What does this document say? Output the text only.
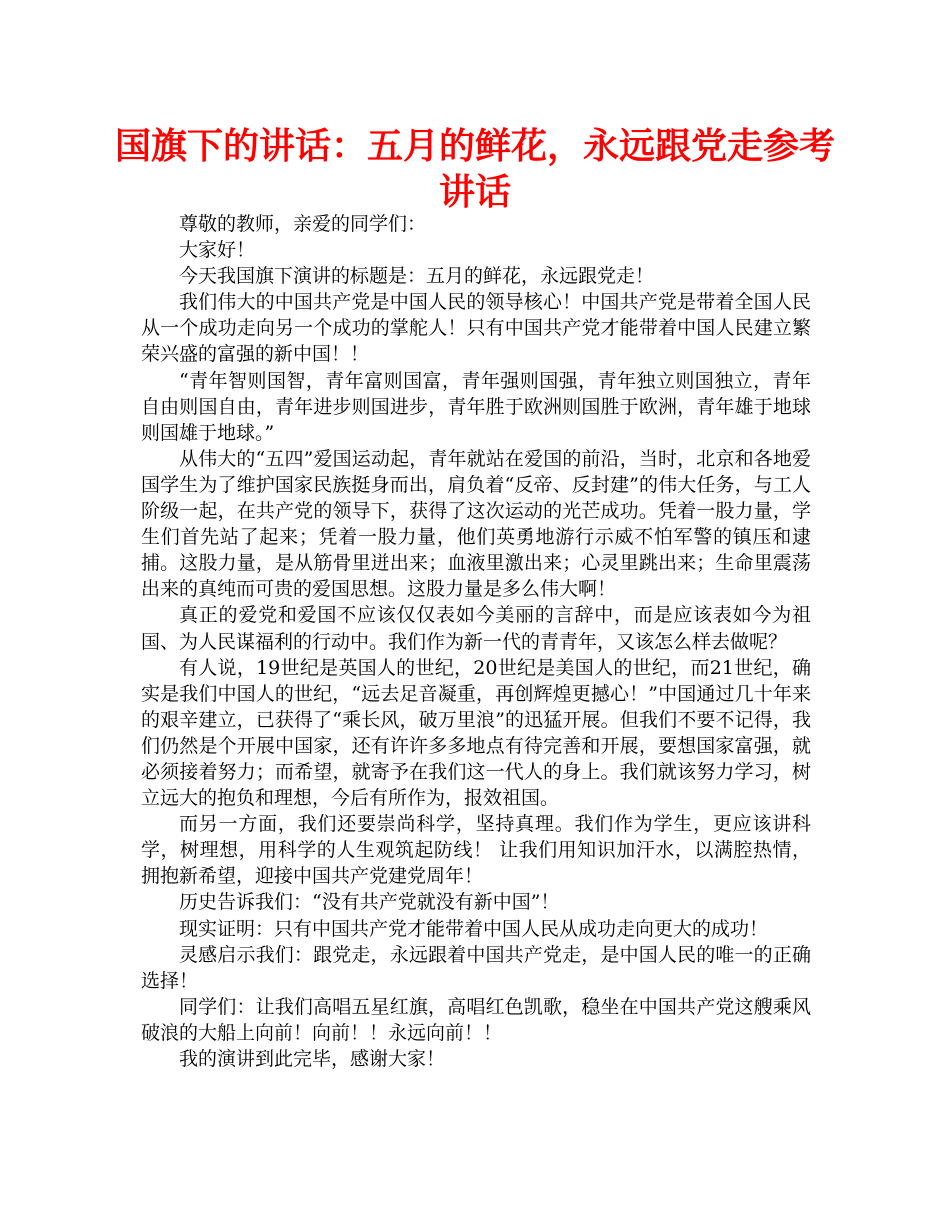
国旗下的讲话：五月的鲜花，永远跟党走参考讲话

尊敬的教师，亲爱的同学们：

大家好！

今天我国旗下演讲的标题是：五月的鲜花，永远跟党走！

我们伟大的中国共产党是中国人民的领导核心！中国共产党是带着全国人民从一个成功走向另一个成功的掌舵人！只有中国共产党才能带着中国人民建立繁荣兴盛的富强的新中国！！

“青年智则国智，青年富则国富，青年强则国强，青年独立则国独立，青年自由则国自由，青年进步则国进步，青年胜于欧洲则国胜于欧洲，青年雄于地球则国雄于地球。”

从伟大的“五四”爱国运动起，青年就站在爱国的前沿，当时，北京和各地爱国学生为了维护国家民族挺身而出，肩负着“反帝、反封建”的伟大任务，与工人阶级一起，在共产党的领导下，获得了这次运动的光芒成功。凭着一股力量，学生们首先站了起来；凭着一股力量，他们英勇地游行示威不怕军警的镇压和逮捕。这股力量，是从筋骨里迸出来；血液里激出来；心灵里跳出来；生命里震荡出来的真纯而可贵的爱国思想。这股力量是多么伟大啊！

真正的爱党和爱国不应该仅仅表如今美丽的言辞中，而是应该表如今为祖国、为人民谋福利的行动中。我们作为新一代的青青年，又该怎么样去做呢？

有人说，19世纪是英国人的世纪，20世纪是美国人的世纪，而21世纪，确实是我们中国人的世纪，“远去足音凝重，再创辉煌更撼心！”中国通过几十年来的艰辛建立，已获得了“乘长风，破万里浪”的迅猛开展。但我们不要不记得，我们仍然是个开展中国家，还有许许多多地点有待完善和开展，要想国家富强，就必须接着努力；而希望，就寄予在我们这一代人的身上。我们就该努力学习，树立远大的抱负和理想，今后有所作为，报效祖国。

而另一方面，我们还要崇尚科学，坚持真理。我们作为学生，更应该讲科学，树理想，用科学的人生观筑起防线！ 让我们用知识加汗水，以满腔热情，拥抱新希望，迎接中国共产党建党周年！

历史告诉我们：“没有共产党就没有新中国”！

现实证明：只有中国共产党才能带着中国人民从成功走向更大的成功！

灵感启示我们：跟党走，永远跟着中国共产党走，是中国人民的唯一的正确选择！

同学们：让我们高唱五星红旗，高唱红色凯歌，稳坐在中国共产党这艘乘风破浪的大船上向前！向前！！永远向前！！

我的演讲到此完毕，感谢大家！
